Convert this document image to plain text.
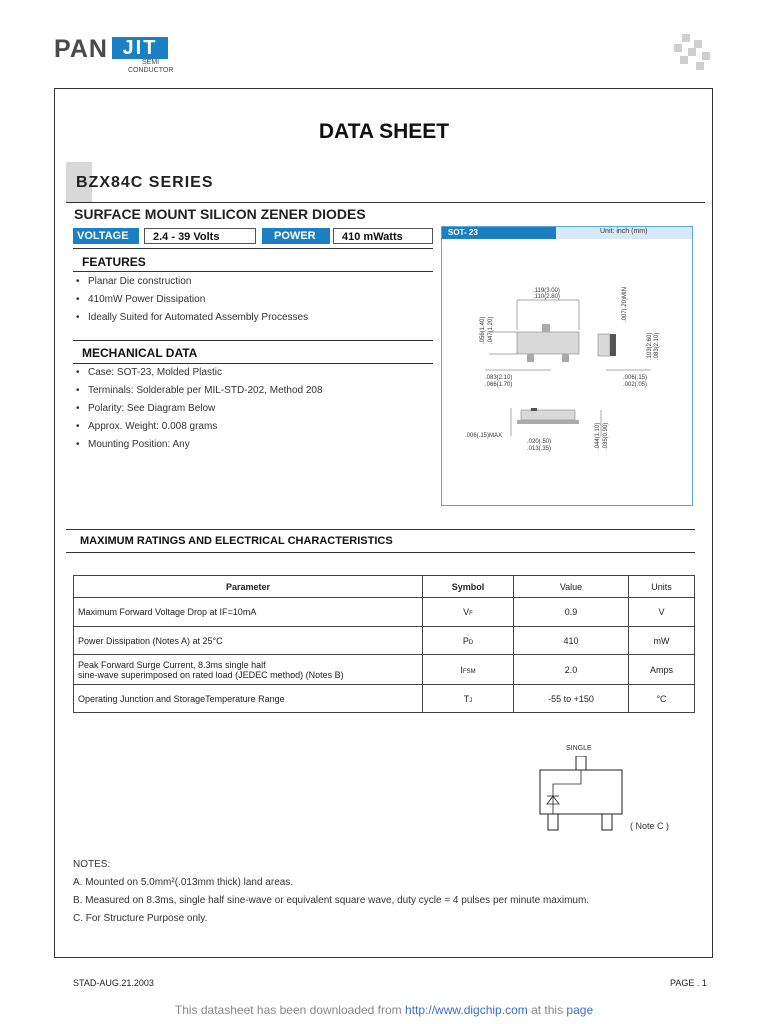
PAN JIT
SEMI
CONDUCTOR
DATA SHEET
BZX84C SERIES
SURFACE MOUNT SILICON ZENER DIODES
VOLTAGE	2.4 - 39 Volts	POWER	410 mWatts
FEATURES
• Planar Die construction
• 410mW Power Dissipation
• Ideally Suited for Automated Assembly Processes
MECHANICAL DATA
• Case: SOT-23, Molded Plastic
• Terminals: Solderable per MIL-STD-202, Method 208
• Polarity: See Diagram Below
• Approx. Weight: 0.008 grams
• Mounting Position: Any
SOT- 23	Unit: inch (mm)
.119(3.00)
.110(2.80)
.056(1.40) .047(1.20)
.083(2.10)
.066(1.70)
.007(.20)MIN
.103(2.60) .083(2.10)
.006(.15)
.002(.05)
.006(.15)MAX
.020(.50)
.013(.35)	.044(1.10) .035(0.90)
MAXIMUM RATINGS AND ELECTRICAL CHARACTERISTICS
Parameter	Symbol	Value	Units
Maximum Forward Voltage Drop at IF=10mA	VF	0.9	V
Power Dissipation (Notes A) at 25°C	PD	410	mW

Peak Forward Surge Current, 8.3ms single half
sine-wave superimposed on rated load (JEDEC method) (Notes B)	IFSM	2.0	Amps
Operating Junction and StorageTemperature Range	TJ	-55 to +150	°C
SINGLE
( Note C )
NOTES:
A. Mounted on 5.0mm²(.013mm thick) land areas.
B. Measured on 8.3ms, single half sine-wave or equivalent square wave, duty cycle = 4 pulses per minute maximum.
C. For Structure Purpose only.
STAD-AUG.21.2003	PAGE . 1
This datasheet has been downloaded from http://www.digchip.com at this page
